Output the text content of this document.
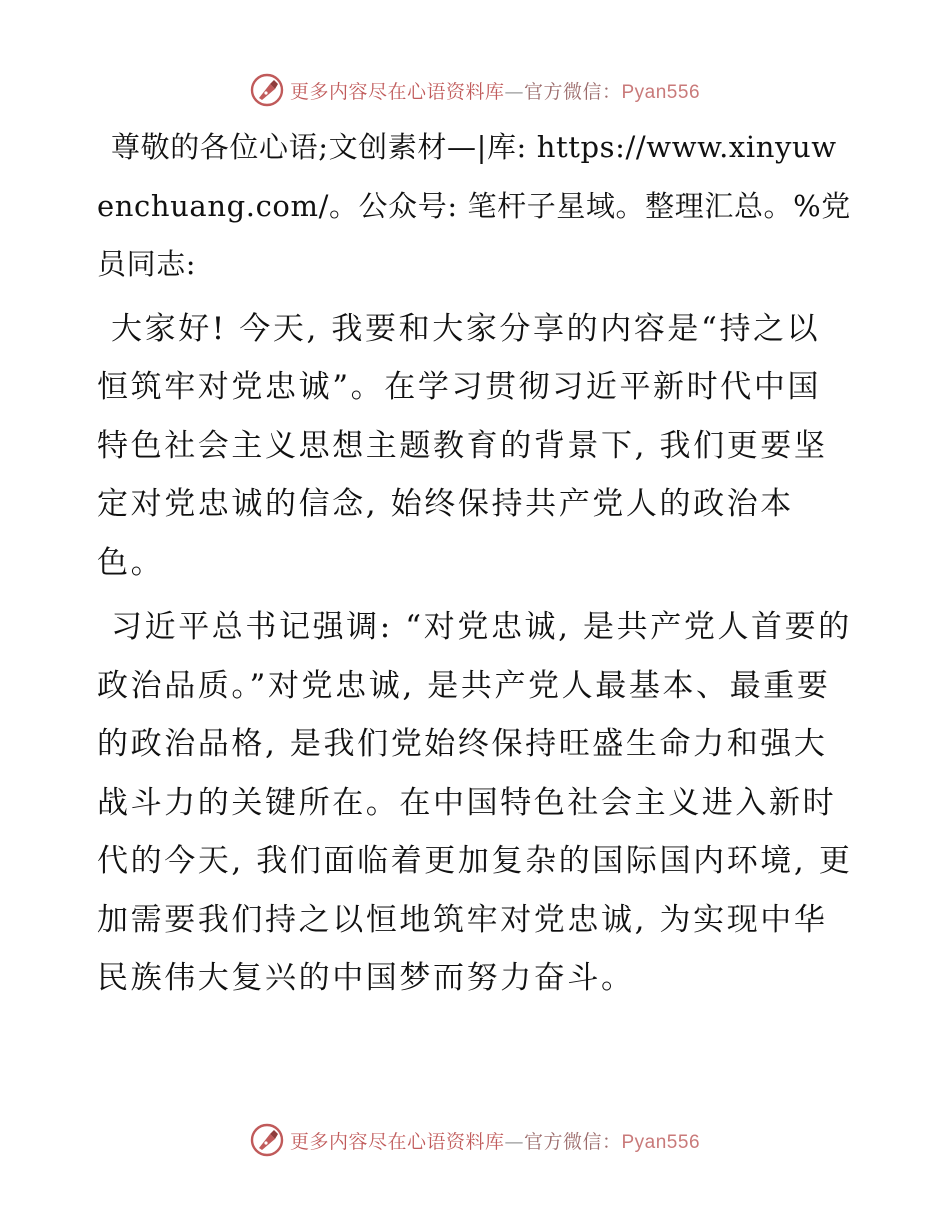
更多内容尽在心语资料库—官方微信：Pyan556

尊敬的各位心语;文创素材—|库: https://www.xinyuwenchuang.com/。公众号: 笔杆子星域。整理汇总。%党员同志:

大家好! 今天, 我要和大家分享的内容是“持之以恒筑牢对党忠诚”。在学习贯彻习近平新时代中国特色社会主义思想主题教育的背景下, 我们更要坚定对党忠诚的信念, 始终保持共产党人的政治本色。

习近平总书记强调: “对党忠诚, 是共产党人首要的政治品质。”对党忠诚, 是共产党人最基本、最重要的政治品格, 是我们党始终保持旺盛生命力和强大战斗力的关键所在。在中国特色社会主义进入新时代的今天, 我们面临着更加复杂的国际国内环境, 更加需要我们持之以恒地筑牢对党忠诚, 为实现中华民族伟大复兴的中国梦而努力奋斗。

更多内容尽在心语资料库—官方微信：Pyan556
